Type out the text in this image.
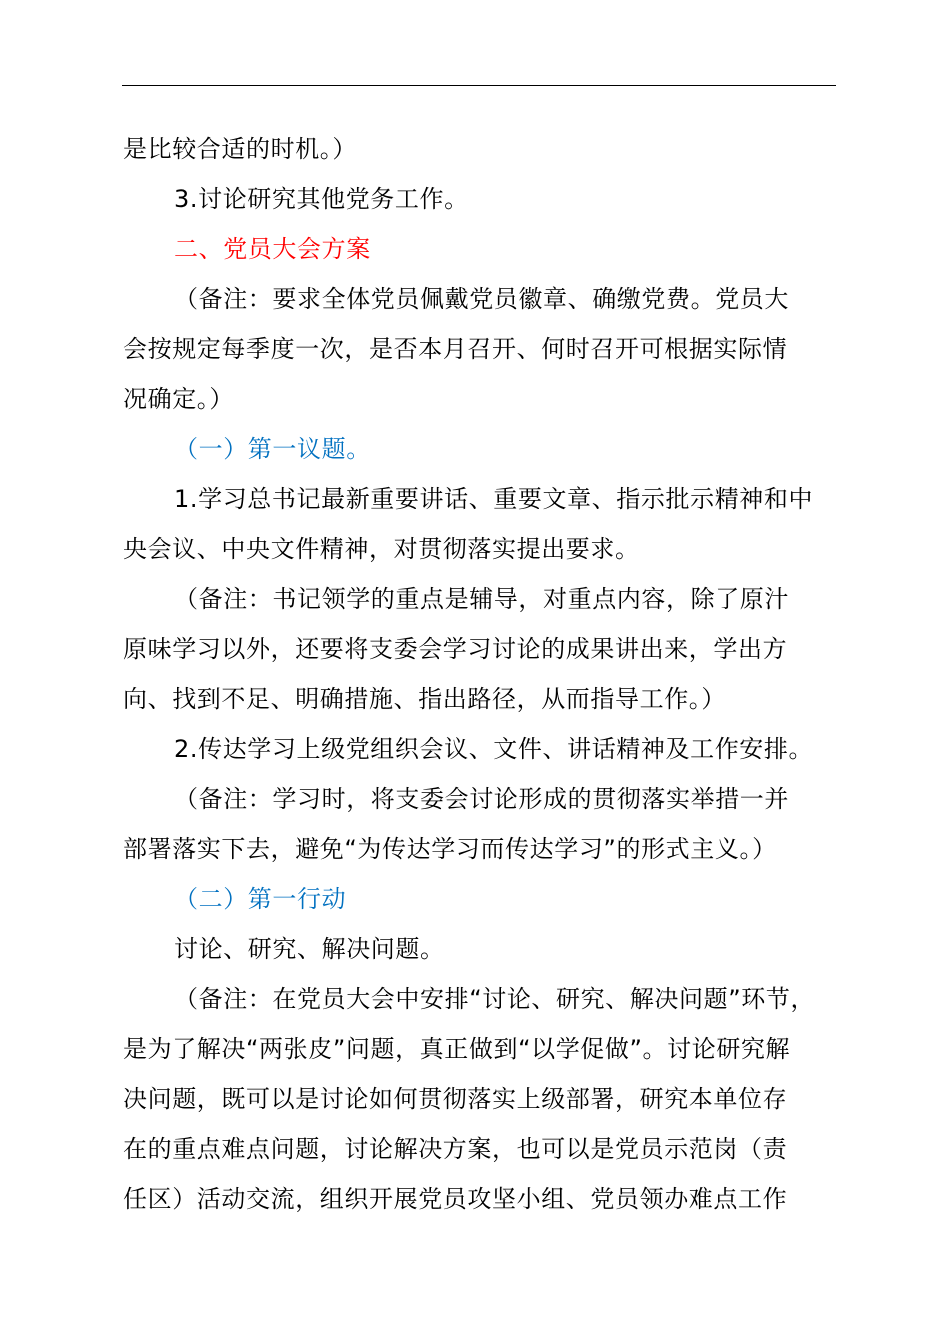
是比较合适的时机。）
3.讨论研究其他党务工作。
二、党员大会方案
（备注：要求全体党员佩戴党员徽章、确缴党费。党员大
会按规定每季度一次，是否本月召开、何时召开可根据实际情
况确定。）
（一）第一议题。
1.学习总书记最新重要讲话、重要文章、指示批示精神和中
央会议、中央文件精神，对贯彻落实提出要求。
（备注：书记领学的重点是辅导，对重点内容，除了原汁
原味学习以外，还要将支委会学习讨论的成果讲出来，学出方
向、找到不足、明确措施、指出路径，从而指导工作。）
2.传达学习上级党组织会议、文件、讲话精神及工作安排。
（备注：学习时，将支委会讨论形成的贯彻落实举措一并
部署落实下去，避免“为传达学习而传达学习”的形式主义。）
（二）第一行动
讨论、研究、解决问题。
（备注：在党员大会中安排“讨论、研究、解决问题”环节，
是为了解决“两张皮”问题，真正做到“以学促做”。讨论研究解
决问题，既可以是讨论如何贯彻落实上级部署，研究本单位存
在的重点难点问题，讨论解决方案，也可以是党员示范岗（责
任区）活动交流，组织开展党员攻坚小组、党员领办难点工作
